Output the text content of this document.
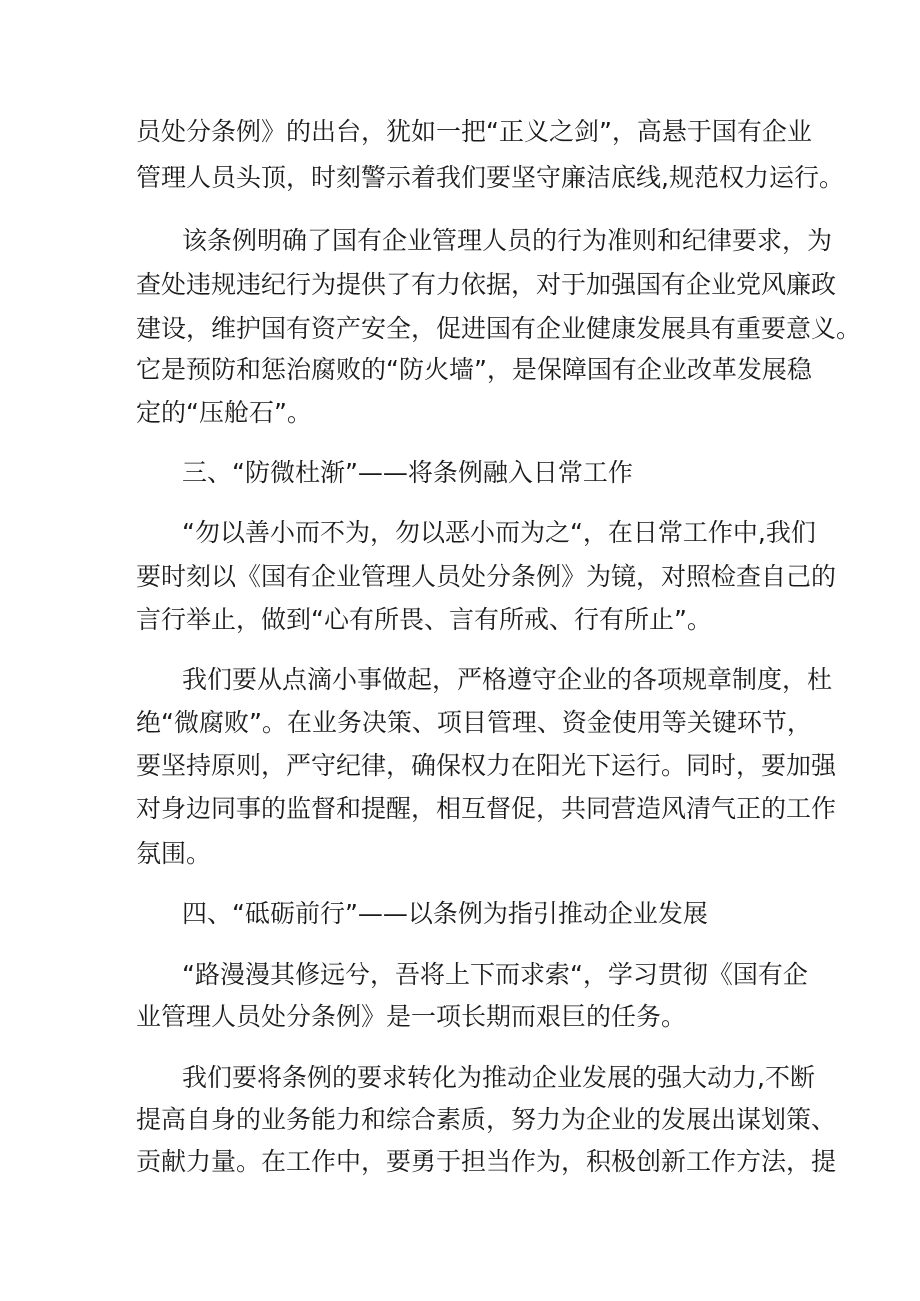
员处分条例》的出台，犹如一把“正义之剑”，高悬于国有企业
管理人员头顶，时刻警示着我们要坚守廉洁底线,规范权力运行。
该条例明确了国有企业管理人员的行为准则和纪律要求，为
查处违规违纪行为提供了有力依据，对于加强国有企业党风廉政
建设，维护国有资产安全，促进国有企业健康发展具有重要意义。
它是预防和惩治腐败的“防火墙”，是保障国有企业改革发展稳
定的“压舱石”。
三、“防微杜渐”——将条例融入日常工作
“勿以善小而不为，勿以恶小而为之“，在日常工作中,我们
要时刻以《国有企业管理人员处分条例》为镜，对照检查自己的
言行举止，做到“心有所畏、言有所戒、行有所止”。
我们要从点滴小事做起，严格遵守企业的各项规章制度，杜
绝“微腐败”。在业务决策、项目管理、资金使用等关键环节，
要坚持原则，严守纪律，确保权力在阳光下运行。同时，要加强
对身边同事的监督和提醒，相互督促，共同营造风清气正的工作
氛围。
四、“砥砺前行”——以条例为指引推动企业发展
“路漫漫其修远兮，吾将上下而求索“，学习贯彻《国有企
业管理人员处分条例》是一项长期而艰巨的任务。
我们要将条例的要求转化为推动企业发展的强大动力,不断
提高自身的业务能力和综合素质，努力为企业的发展出谋划策、
贡献力量。在工作中，要勇于担当作为，积极创新工作方法，提
